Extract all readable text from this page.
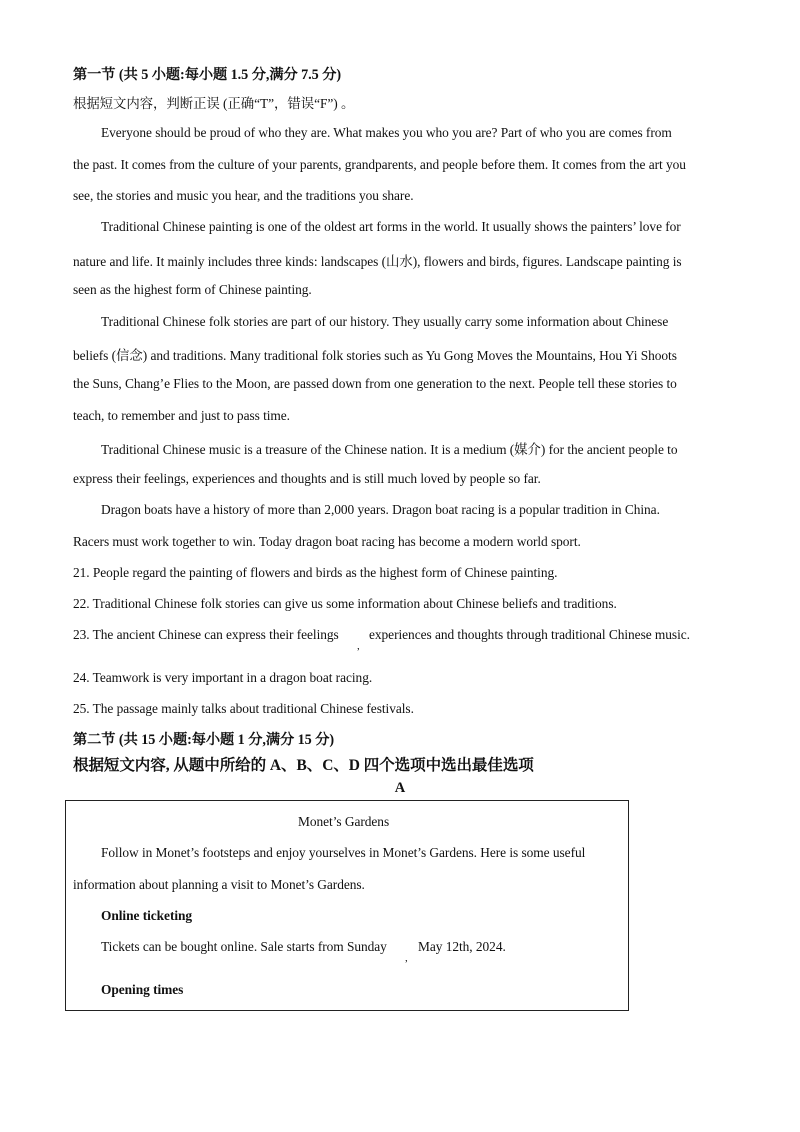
第一节 (共 5 小题:每小题 1.5 分,满分 7.5 分)
根据短文内容，判断正误 (正确“T”，错误“F”) 。
Everyone should be proud of who they are. What makes you who you are? Part of who you are comes from
the past. It comes from the culture of your parents, grandparents, and people before them. It comes from the art you
see, the stories and music you hear, and the traditions you share.
Traditional Chinese painting is one of the oldest art forms in the world. It usually shows the painters’ love for
nature and life. It mainly includes three kinds: landscapes (山水), flowers and birds, figures. Landscape painting is
seen as the highest form of Chinese painting.
Traditional Chinese folk stories are part of our history. They usually carry some information about Chinese
beliefs (信念) and traditions. Many traditional folk stories such as Yu Gong Moves the Mountains, Hou Yi Shoots
the Suns, Chang’e Flies to the Moon, are passed down from one generation to the next. People tell these stories to
teach, to remember and just to pass time.
Traditional Chinese music is a treasure of the Chinese nation. It is a medium (媒介) for the ancient people to
express their feelings, experiences and thoughts and is still much loved by people so far.
Dragon boats have a history of more than 2,000 years. Dragon boat racing is a popular tradition in China.
Racers must work together to win. Today dragon boat racing has become a modern world sport.
21. People regard the painting of flowers and birds as the highest form of Chinese painting.
22. Traditional Chinese folk stories can give us some information about Chinese beliefs and traditions.
23. The ancient Chinese can express their feelings
,
experiences and thoughts through traditional Chinese music.
24. Teamwork is very important in a dragon boat racing.
25. The passage mainly talks about traditional Chinese festivals.
第二节 (共 15 小题:每小题 1 分,满分 15 分)
根据短文内容, 从题中所给的 A、B、C、D 四个选项中选出最佳选项
A
Monet’s Gardens
Follow in Monet’s footsteps and enjoy yourselves in Monet’s Gardens. Here is some useful
information about planning a visit to Monet’s Gardens.
Online ticketing
Tickets can be bought online. Sale starts from Sunday
,
May 12th, 2024.
Opening times
